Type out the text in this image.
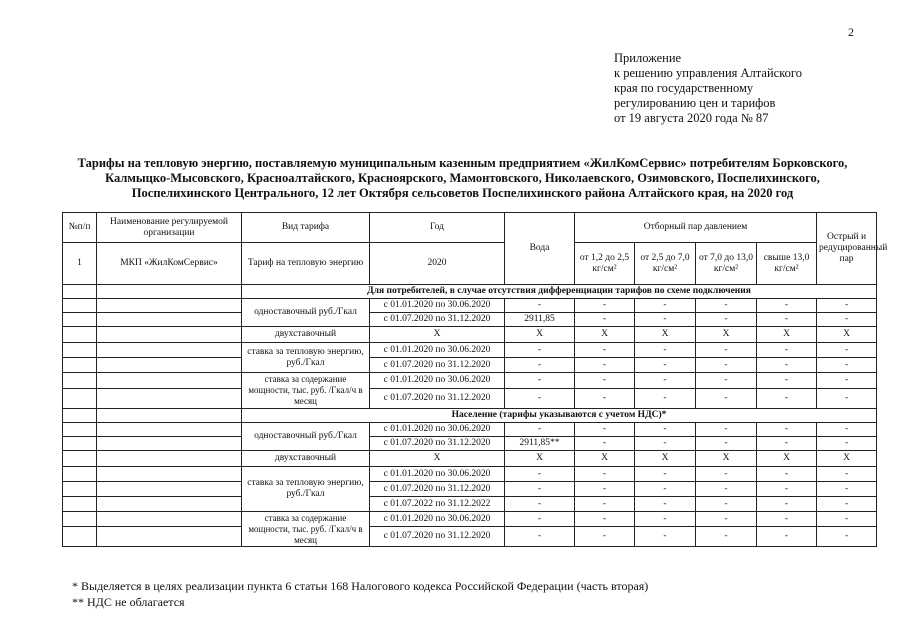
2
Приложение
к решению управления Алтайского
края по государственному
регулированию цен и тарифов
от 19 августа 2020 года № 87
Тарифы на тепловую энергию, поставляемую муниципальным казенным предприятием «ЖилКомСервис» потребителям Борковского,
Калмыцко-Мысовского, Красноалтайского, Красноярского, Мамонтовского, Николаевского, Озимовского, Поспелихинского,
Поспелихинского Центрального, 12 лет Октября сельсоветов Поспелихинского района Алтайского края, на 2020 год
№п/п	Наименование регулируемой организации	Вид тарифа	Год	Вода	Отборный пар давлением				Острый и редуцированный пар
1	МКП «ЖилКомСервис»	Тариф на тепловую энергию	2020		от 1,2 до 2,5 кг/см²	от 2,5 до 7,0 кг/см²	от 7,0 до 13,0 кг/см²	свыше 13,0 кг/см²	
		Для потребителей, в случае отсутствия дифференциации тарифов по схеме подключения							
		одноставочный руб./Гкал	с 01.01.2020 по 30.06.2020	-	-	-	-	-	-
			с 01.07.2020 по 31.12.2020	2911,85	-	-	-	-	-
		двухставочный	Х	Х	Х	Х	Х	Х	Х
		ставка за тепловую энергию, руб./Гкал	с 01.01.2020 по 30.06.2020	-	-	-	-	-	-
			с 01.07.2020 по 31.12.2020	-	-	-	-	-	-
		ставка за содержание мощности, тыс. руб. /Гкал/ч в месяц	с 01.01.2020 по 30.06.2020	-	-	-	-	-	-
			с 01.07.2020 по 31.12.2020	-	-	-	-	-	-
		Население (тарифы указываются с учетом НДС)*							
		одноставочный руб./Гкал	с 01.01.2020 по 30.06.2020	-	-	-	-	-	-
			с 01.07.2020 по 31.12.2020	2911,85**	-	-	-	-	-
		двухставочный	Х	Х	Х	Х	Х	Х	Х
		ставка за тепловую энергию, руб./Гкал	с 01.01.2020 по 30.06.2020	-	-	-	-	-	-
			с 01.07.2020 по 31.12.2020	-	-	-	-	-	-
			с 01.07.2022 по 31.12.2022	-	-	-	-	-	-
		ставка за содержание мощности, тыс. руб. /Гкал/ч в месяц	с 01.01.2020 по 30.06.2020	-	-	-	-	-	-
			с 01.07.2020 по 31.12.2020	-	-	-	-	-	-
* Выделяется в целях реализации пункта 6 статьи 168 Налогового кодекса Российской Федерации (часть вторая)
** НДС не облагается
